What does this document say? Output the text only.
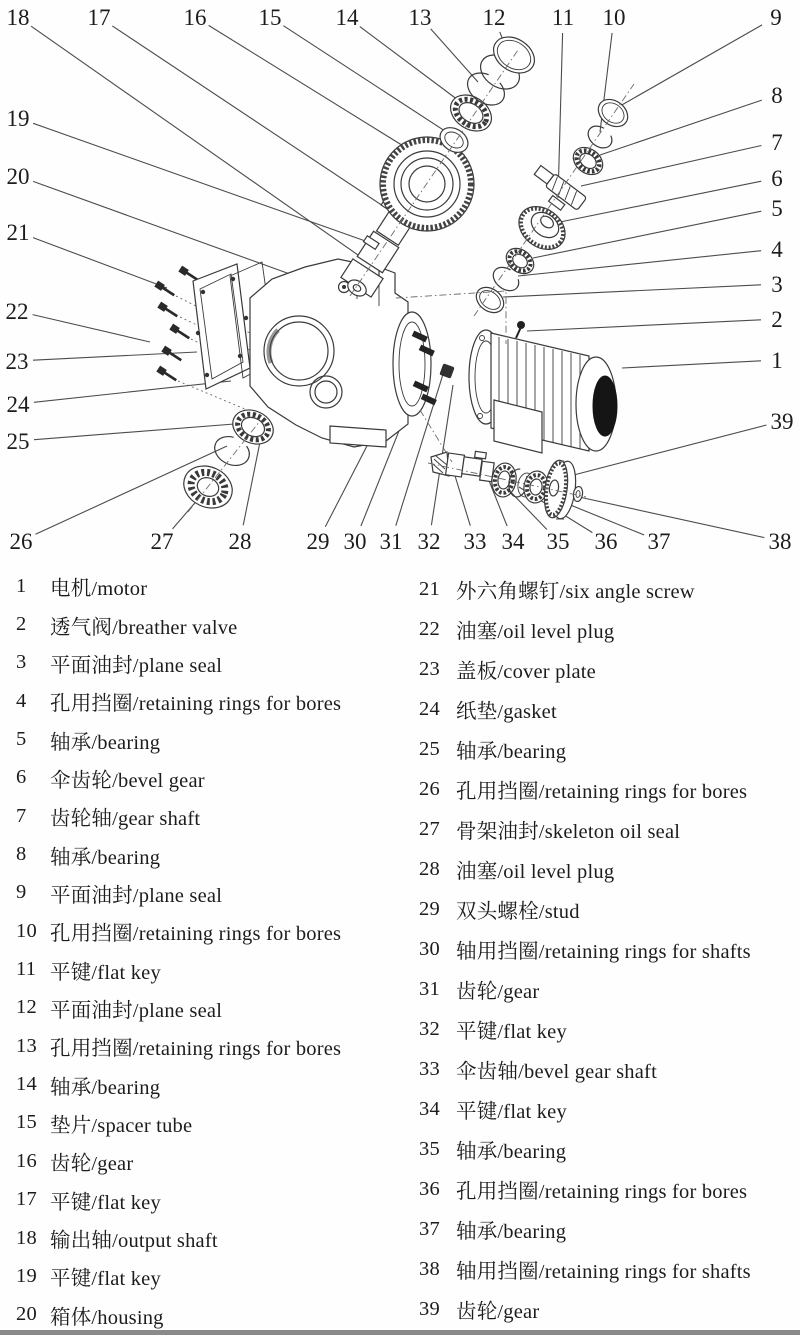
18	17	16 15 14 13 12 11 10	9
8
7
6
5
4
3
2
1
39
19
20
21
22
23
24
25
26	27 28 29 30 31 32 33 34 35 36 37	38
1	电机/motor
2	透气阀/breather valve
3	平面油封/plane seal
4	孔用挡圈/retaining rings for bores
5	轴承/bearing
6	伞齿轮/bevel gear
7	齿轮轴/gear shaft
8	轴承/bearing
9	平面油封/plane seal
10 孔用挡圈/retaining rings for bores
11 平键/flat key
12 平面油封/plane seal
13 孔用挡圈/retaining rings for bores
14 轴承/bearing
15 垫片/spacer tube
16 齿轮/gear
17 平键/flat key
18 输出轴/output shaft
19 平键/flat key
20 箱体/housing
21 外六角螺钉/six angle screw
22 油塞/oil level plug
23 盖板/cover plate
24 纸垫/gasket
25 轴承/bearing
26 孔用挡圈/retaining rings for bores
27 骨架油封/skeleton oil seal
28 油塞/oil level plug
29 双头螺栓/stud
30 轴用挡圈/retaining rings for shafts
31 齿轮/gear
32 平键/flat key
33 伞齿轴/bevel gear shaft
34 平键/flat key
35 轴承/bearing
36 孔用挡圈/retaining rings for bores
37 轴承/bearing
38 轴用挡圈/retaining rings for shafts
39 齿轮/gear
